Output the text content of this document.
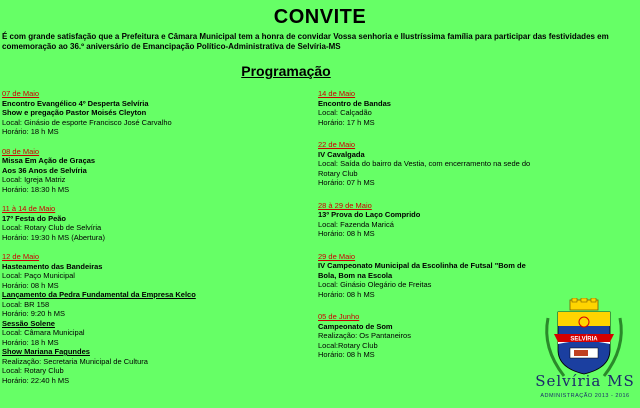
CONVITE
É com grande satisfação que a Prefeitura e Câmara Municipal tem a honra de convidar Vossa senhoria e Ilustríssima família para participar das festividades em comemoração ao 36.º aniversário de Emancipação Político-Administrativa de Selvíria-MS
Programação
07 de Maio
Encontro Evangélico 4º Desperta Selvíria
Show e pregação Pastor Moisés Cleyton
Local: Ginásio de esporte Francisco José Carvalho
Horário: 18 h MS
08 de Maio
Missa Em Ação de Graças
Aos 36 Anos de Selvíria
Local: Igreja Matriz
Horário: 18:30 h MS
11 à 14 de Maio
17º Festa do Peão
Local: Rotary Club de Selvíria
Horário: 19:30 h MS (Abertura)
12 de Maio
Hasteamento das Bandeiras
Local: Paço Municipal
Horário: 08 h MS
Lançamento da Pedra Fundamental da Empresa Kelco
Local: BR 158
Horário: 9:20 h MS
Sessão Solene
Local: Câmara Municipal
Horário: 18 h MS
Show Mariana Fagundes
Realização: Secretaria Municipal de Cultura
Local: Rotary Club
Horário: 22:40 h MS
14 de Maio
Encontro de Bandas
Local: Calçadão
Horário: 17 h MS
22 de Maio
IV Cavalgada
Local: Saída do bairro da Vestia, com encerramento na sede do Rotary Club
Horário: 07 h MS
28 à 29 de Maio
13º Prova do Laço Comprido
Local: Fazenda Maricá
Horário: 08 h MS
29 de Maio
IV Campeonato Municipal da Escolinha de Futsal "Bom de Bola, Bom na Escola
Local: Ginásio Olegário de Freitas
Horário: 08 h MS
05 de Junho
Campeonato de Som
Realização: Os Pantaneiros
Local:Rotary Club
Horário: 08 h MS
SELVÍRIA
Selvíria MS
ADMINISTRAÇÃO 2013 - 2016
